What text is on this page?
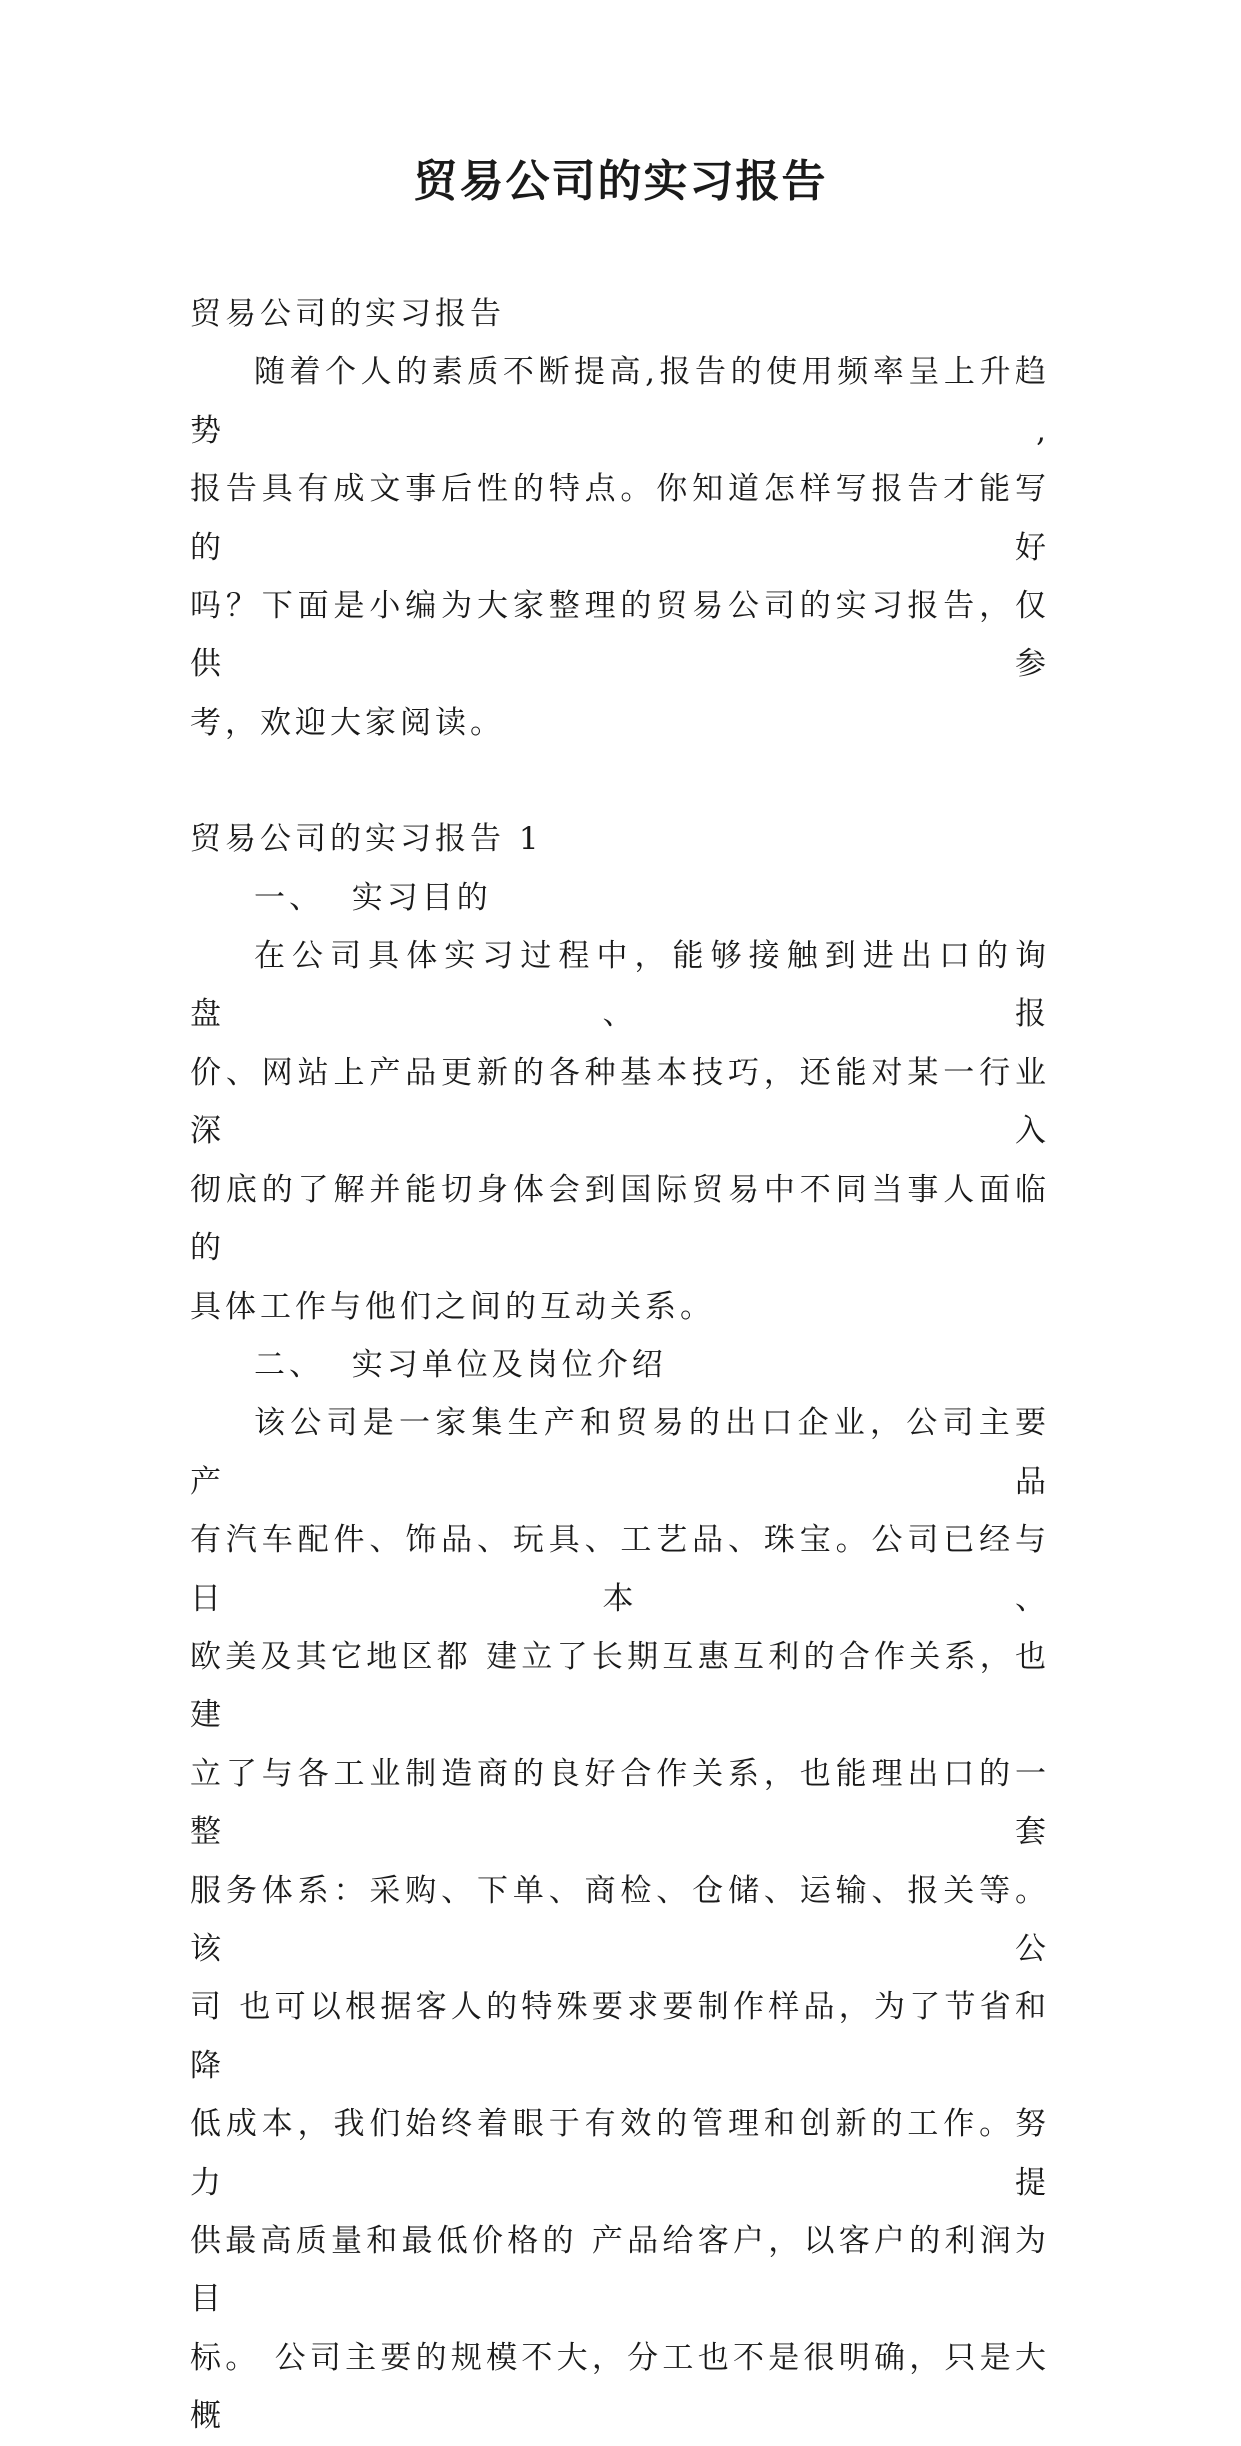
贸易公司的实习报告

贸易公司的实习报告

随着个人的素质不断提高,报告的使用频率呈上升趋势,

报告具有成文事后性的特点。你知道怎样写报告才能写的好

吗？下面是小编为大家整理的贸易公司的实习报告，仅供参

考，欢迎大家阅读。

贸易公司的实习报告 1

一、  实习目的

在公司具体实习过程中，能够接触到进出口的询盘、报

价、网站上产品更新的各种基本技巧，还能对某一行业深入

彻底的了解并能切身体会到国际贸易中不同当事人面临的

具体工作与他们之间的互动关系。

二、  实习单位及岗位介绍

该公司是一家集生产和贸易的出口企业，公司主要产品

有汽车配件、饰品、玩具、工艺品、珠宝。公司已经与日本、

欧美及其它地区都 建立了长期互惠互利的合作关系，也建

立了与各工业制造商的良好合作关系，也能理出口的一整套

服务体系：采购、下单、商检、仓储、运输、报关等。该公

司 也可以根据客人的特殊要求要制作样品，为了节省和降

低成本，我们始终着眼于有效的管理和创新的工作。努力提

供最高质量和最低价格的 产品给客户，以客户的利润为目

标。 公司主要的规模不大，分工也不是很明确，只是大概
